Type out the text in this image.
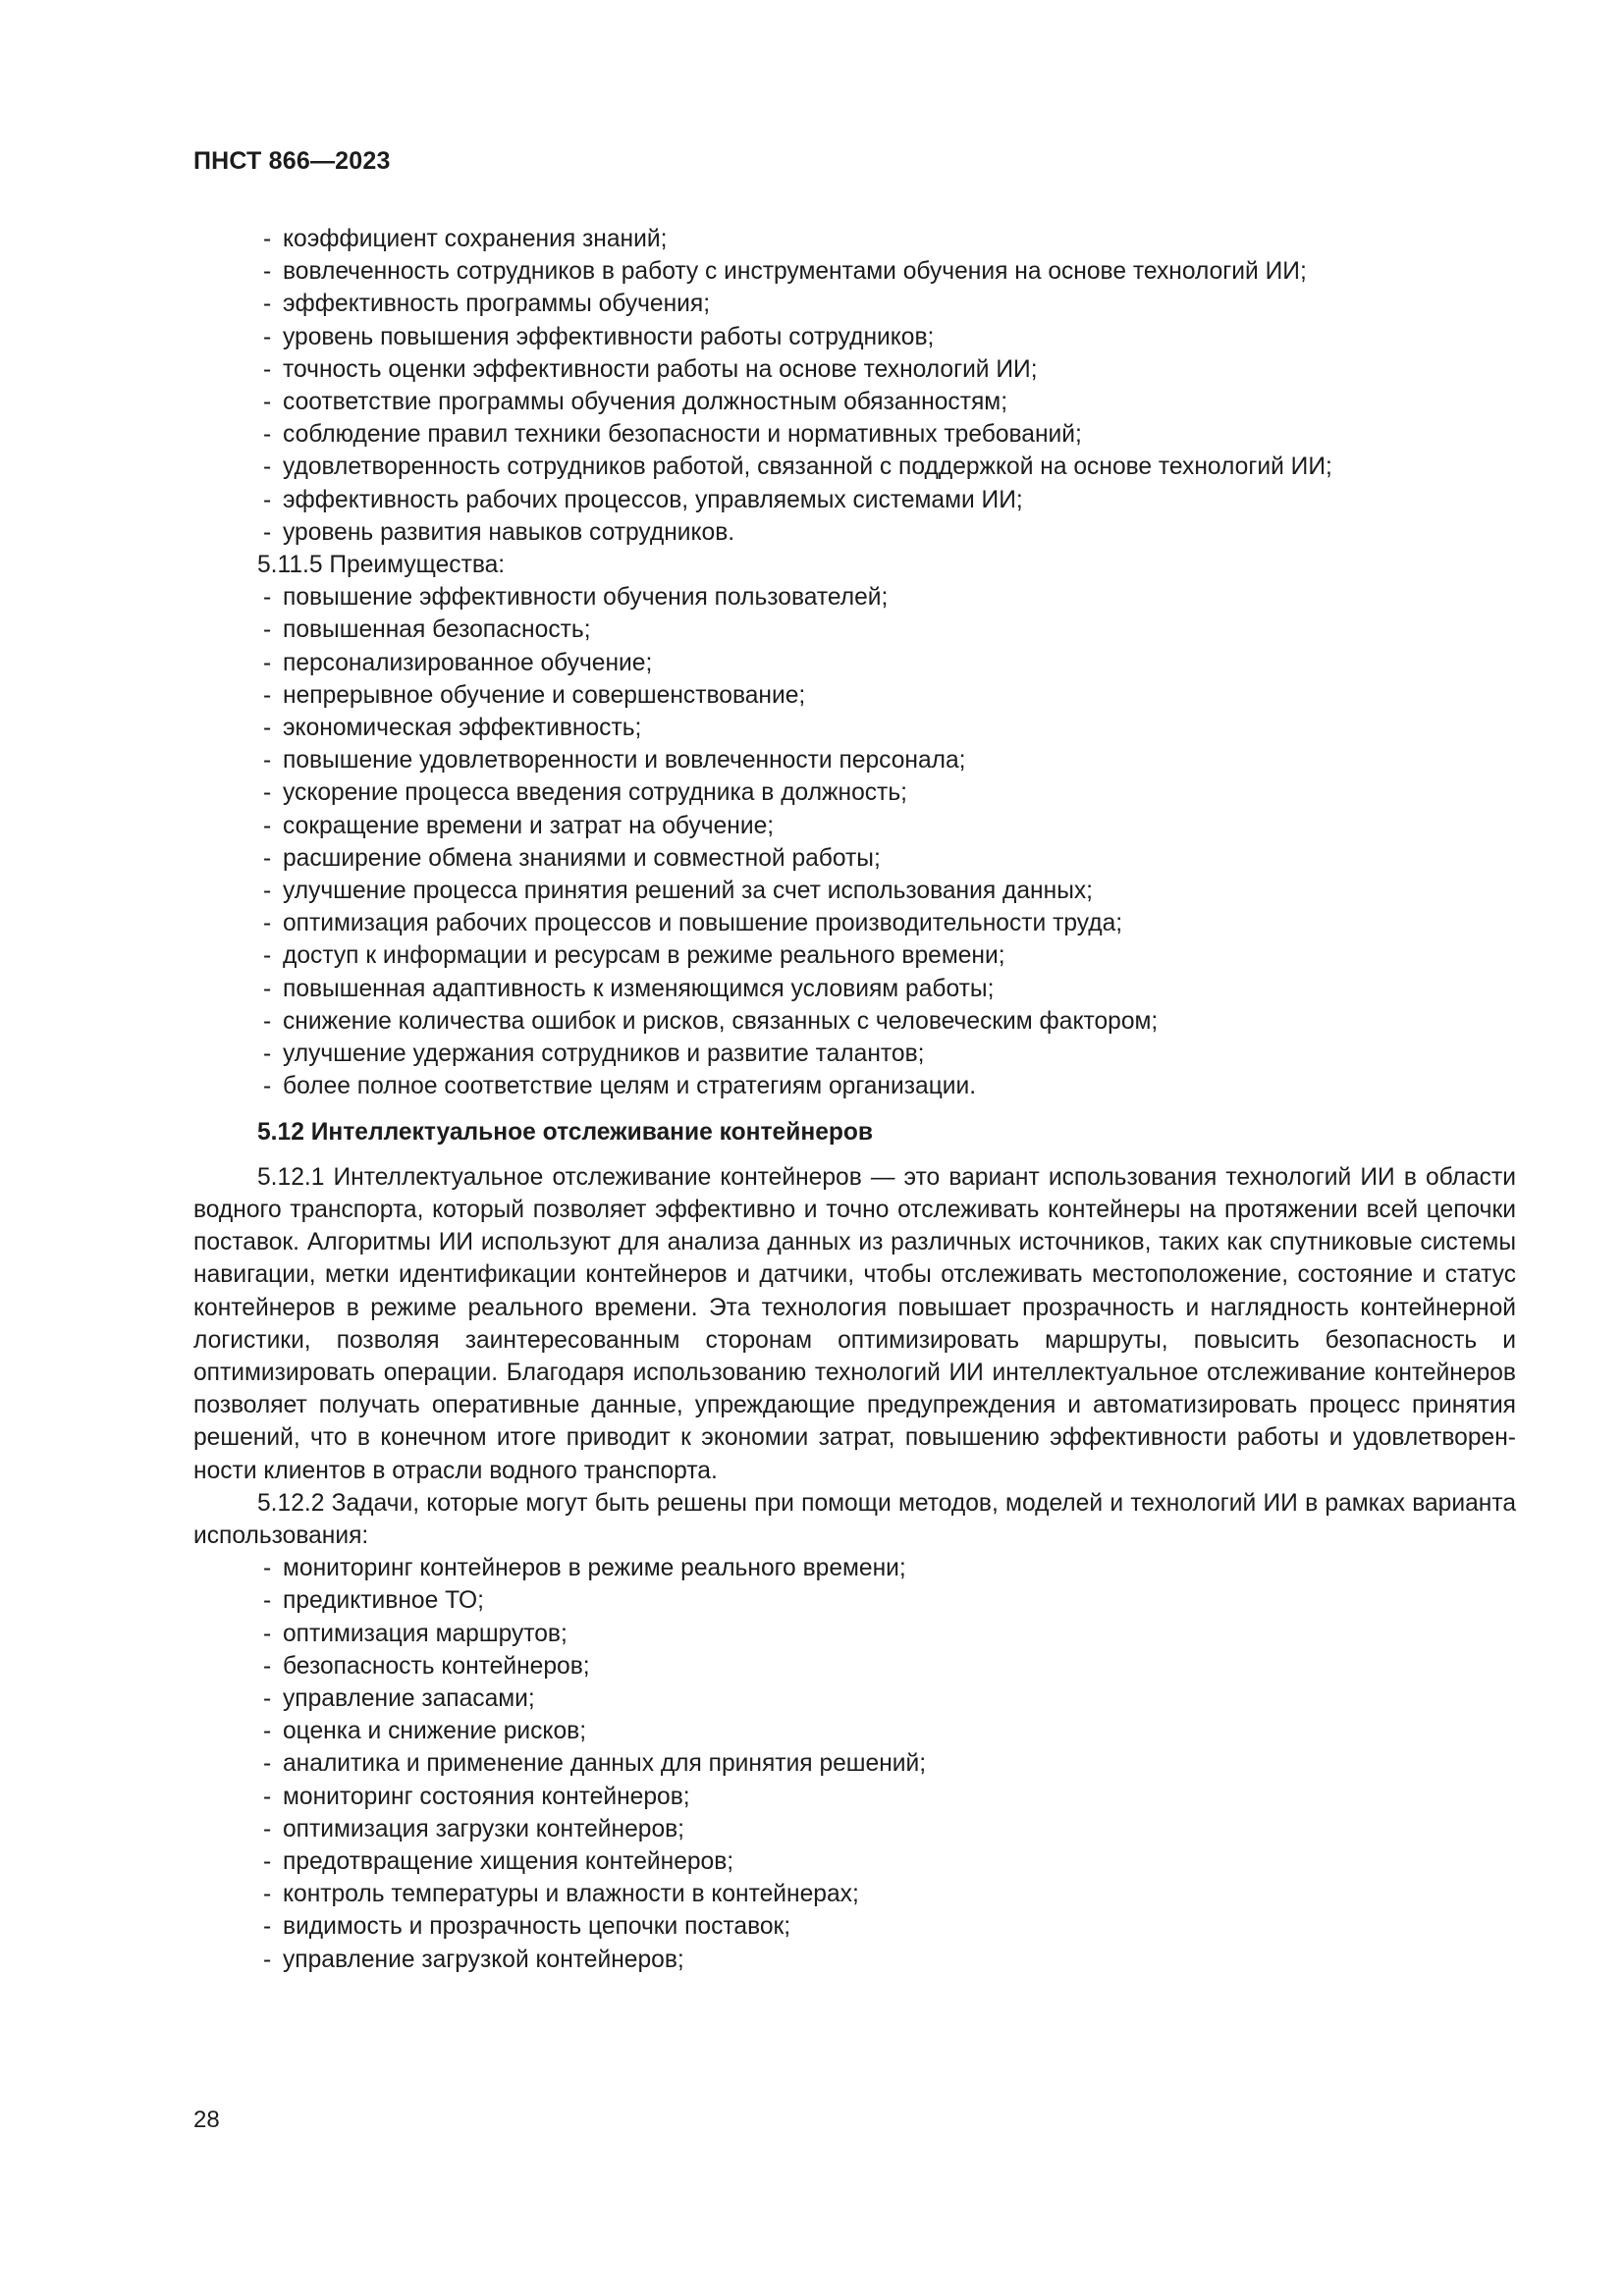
ПНСТ 866—2023
- коэффициент сохранения знаний;
- вовлеченность сотрудников в работу с инструментами обучения на основе технологий ИИ;
- эффективность программы обучения;
- уровень повышения эффективности работы сотрудников;
- точность оценки эффективности работы на основе технологий ИИ;
- соответствие программы обучения должностным обязанностям;
- соблюдение правил техники безопасности и нормативных требований;
- удовлетворенность сотрудников работой, связанной с поддержкой на основе технологий ИИ;
- эффективность рабочих процессов, управляемых системами ИИ;
- уровень развития навыков сотрудников.
5.11.5 Преимущества:
- повышение эффективности обучения пользователей;
- повышенная безопасность;
- персонализированное обучение;
- непрерывное обучение и совершенствование;
- экономическая эффективность;
- повышение удовлетворенности и вовлеченности персонала;
- ускорение процесса введения сотрудника в должность;
- сокращение времени и затрат на обучение;
- расширение обмена знаниями и совместной работы;
- улучшение процесса принятия решений за счет использования данных;
- оптимизация рабочих процессов и повышение производительности труда;
- доступ к информации и ресурсам в режиме реального времени;
- повышенная адаптивность к изменяющимся условиям работы;
- снижение количества ошибок и рисков, связанных с человеческим фактором;
- улучшение удержания сотрудников и развитие талантов;
- более полное соответствие целям и стратегиям организации.
5.12 Интеллектуальное отслеживание контейнеров

5.12.1 Интеллектуальное отслеживание контейнеров — это вариант использования технологий ИИ в области водного транспорта, который позволяет эффективно и точно отслеживать контейнеры на протяжении всей цепочки поставок. Алгоритмы ИИ используют для анализа данных из различных источников, таких как спутниковые системы навигации, метки идентификации контейнеров и датчики, чтобы отслеживать местоположение, состояние и статус контейнеров в режиме реального времени. Эта технология повышает прозрачность и наглядность контейнерной логистики, позволяя заинтересованным сторонам оптимизировать маршруты, повысить безопасность и оптимизировать операции. Благодаря использованию технологий ИИ интеллектуальное отслеживание контейнеров позволяет получать оперативные данные, упреждающие предупреждения и автоматизировать процесс принятия решений, что в конечном итоге приводит к экономии затрат, повышению эффективности работы и удовлетворенности клиентов в отрасли водного транспорта.

5.12.2 Задачи, которые могут быть решены при помощи методов, моделей и технологий ИИ в рамках варианта использования:

- мониторинг контейнеров в режиме реального времени;
- предиктивное ТО;
- оптимизация маршрутов;
- безопасность контейнеров;
- управление запасами;
- оценка и снижение рисков;
- аналитика и применение данных для принятия решений;
- мониторинг состояния контейнеров;
- оптимизация загрузки контейнеров;
- предотвращение хищения контейнеров;
- контроль температуры и влажности в контейнерах;
- видимость и прозрачность цепочки поставок;
- управление загрузкой контейнеров;
28
